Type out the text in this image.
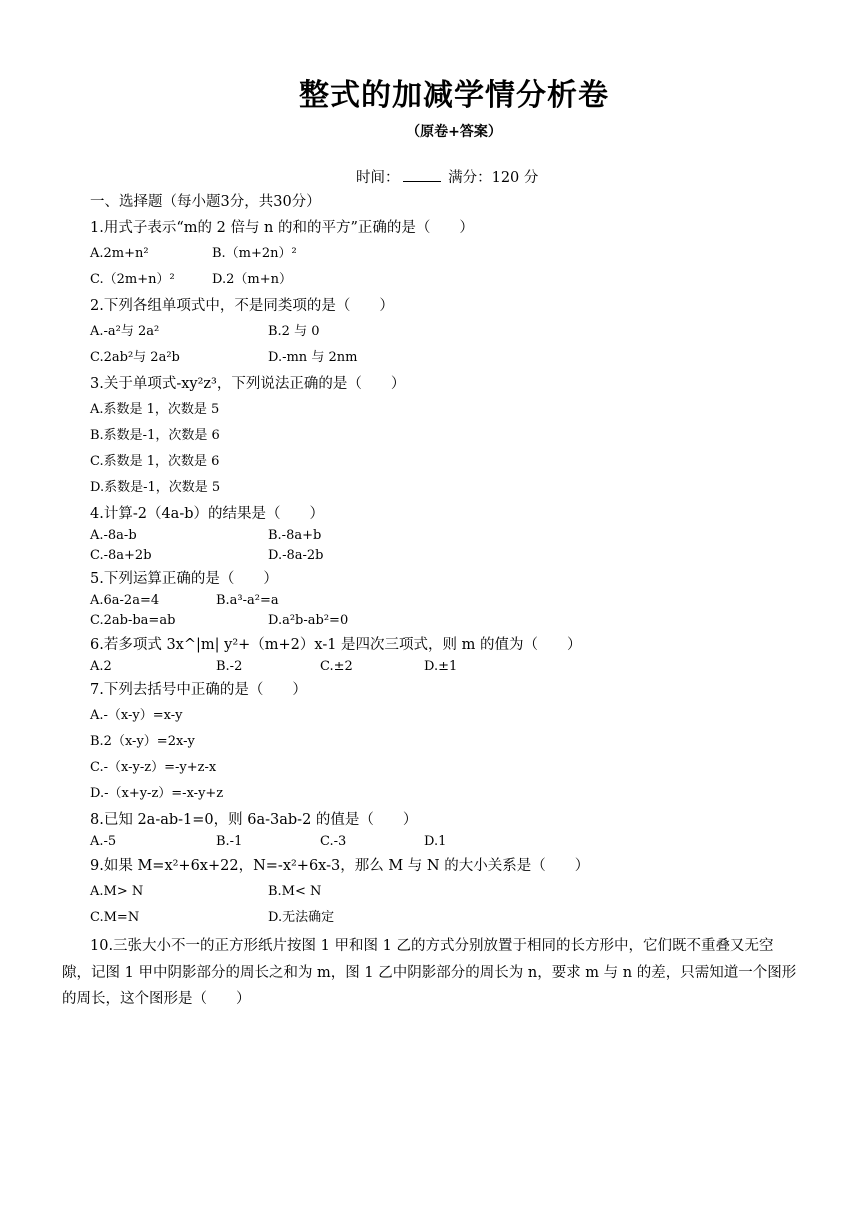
整式的加减学情分析卷
（原卷+答案）
时间：	满分：120 分
一、选择题（每小题3分，共30分）
1.用式子表示“m的 2 倍与 n 的和的平方”正确的是（　　）
A.2m+n²	B.（m+2n）²
C.（2m+n）²	D.2（m+n）
2.下列各组单项式中，不是同类项的是（　　）
A.-a²与 2a²	B.2 与 0
C.2ab²与 2a²b	D.-mn 与 2nm
3.关于单项式-xy²z³，下列说法正确的是（　　）
A.系数是 1，次数是 5
B.系数是-1，次数是 6
C.系数是 1，次数是 6
D.系数是-1，次数是 5
4.计算-2（4a-b）的结果是（　　）
A.-8a-b	B.-8a+b
C.-8a+2b	D.-8a-2b
5.下列运算正确的是（　　）
A.6a-2a=4	B.a³-a²=a
C.2ab-ba=ab	D.a²b-ab²=0
6.若多项式 3x^|m| y²+（m+2）x-1 是四次三项式，则 m 的值为（　　）
A.2	B.-2	C.±2	D.±1
7.下列去括号中正确的是（　　）
A.-（x-y）=x-y
B.2（x-y）=2x-y
C.-（x-y-z）=-y+z-x
D.-（x+y-z）=-x-y+z
8.已知 2a-ab-1=0，则 6a-3ab-2 的值是（　　）
A.-5	B.-1	C.-3	D.1
9.如果 M=x²+6x+22，N=-x²+6x-3，那么 M 与 N 的大小关系是（　　）
A.M> N	B.M< N
C.M=N	D.无法确定
10.三张大小不一的正方形纸片按图 1 甲和图 1 乙的方式分别放置于相同的长方形中，它们既不重叠又无空隙，记图 1 甲中阴影部分的周长之和为 m，图 1 乙中阴影部分的周长为 n，要求 m 与 n 的差，只需知道一个图形的周长，这个图形是（　　）
